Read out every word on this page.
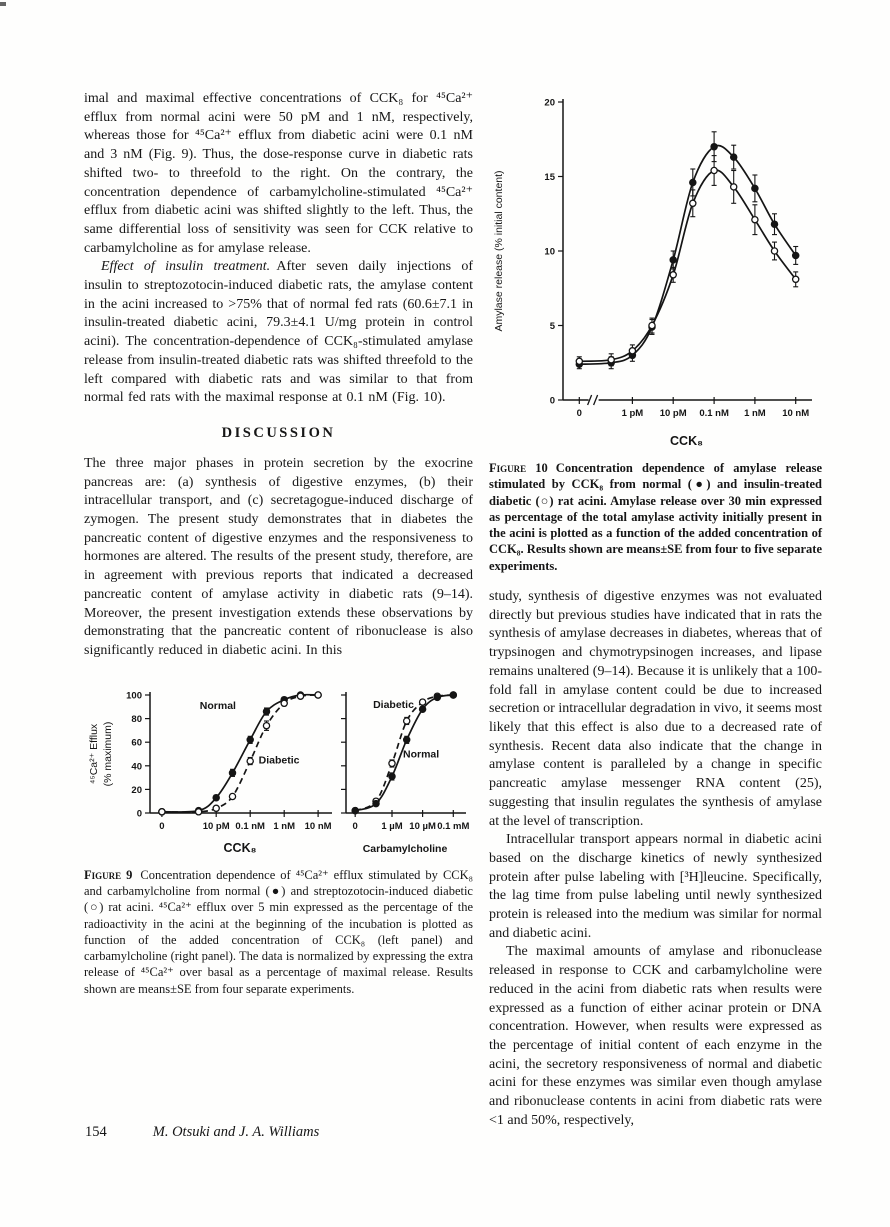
imal and maximal effective concentrations of CCK₈ for ⁴⁵Ca²⁺ efflux from normal acini were 50 pM and 1 nM, respectively, whereas those for ⁴⁵Ca²⁺ efflux from diabetic acini were 0.1 nM and 3 nM (Fig. 9). Thus, the dose-response curve in diabetic rats shifted two- to threefold to the right. On the contrary, the concentration dependence of carbamylcholine-stimulated ⁴⁵Ca²⁺ efflux from diabetic acini was shifted slightly to the left. Thus, the same differential loss of sensitivity was seen for CCK relative to carbamylcholine as for amylase release.

Effect of insulin treatment. After seven daily injections of insulin to streptozotocin-induced diabetic rats, the amylase content in the acini increased to >75% that of normal fed rats (60.6±7.1 in insulin-treated diabetic acini, 79.3±4.1 U/mg protein in control acini). The concentration-dependence of CCK₈-stimulated amylase release from insulin-treated diabetic rats was shifted threefold to the left compared with diabetic rats and was similar to that from normal fed rats with the maximal response at 0.1 nM (Fig. 10).

DISCUSSION

The three major phases in protein secretion by the exocrine pancreas are: (a) synthesis of digestive enzymes, (b) their intracellular transport, and (c) secretagogue-induced discharge of zymogen. The present study demonstrates that in diabetes the pancreatic content of digestive enzymes and the responsiveness to hormones are altered. The results of the present study, therefore, are in agreement with previous reports that indicated a decreased pancreatic content of amylase activity in diabetic rats (9–14). Moreover, the present investigation extends these observations by demonstrating that the pancreatic content of ribonuclease is also significantly reduced in diabetic acini. In this

0	10 pM 0.1 nM 1 nM 10 nM
0
20
40
60
80
100
CCK₈
⁴⁵Ca²⁺ Efflux (% maximum)
Normal
Diabetic
0 1 µM 10 µM 0.1 mM
Carbamylcholine
Diabetic
Normal

Figure 9 Concentration dependence of ⁴⁵Ca²⁺ efflux stimulated by CCK₈ and carbamylcholine from normal (●) and streptozotocin-induced diabetic (○) rat acini. ⁴⁵Ca²⁺ efflux over 5 min expressed as the percentage of the radioactivity in the acini at the beginning of the incubation is plotted as function of the added concentration of CCK₈ (left panel) and carbamylcholine (right panel). The data is normalized by expressing the extra release of ⁴⁵Ca²⁺ over basal as a percentage of maximal release. Results shown are means±SE from four separate experiments.

0	1 pM 10 pM 0.1 nM 1 nM 10 nM
0
5
10
15
20
CCK₈
Amylase release (% initial content)

Figure 10 Concentration dependence of amylase release stimulated by CCK₈ from normal (●) and insulin-treated diabetic (○) rat acini. Amylase release over 30 min expressed as percentage of the total amylase activity initially present in the acini is plotted as a function of the added concentration of CCK₈. Results shown are means±SE from four to five separate experiments.

study, synthesis of digestive enzymes was not evaluated directly but previous studies have indicated that in rats the synthesis of amylase decreases in diabetes, whereas that of trypsinogen and chymotrypsinogen increases, and lipase remains unaltered (9–14). Because it is unlikely that a 100-fold fall in amylase content could be due to increased secretion or intracellular degradation in vivo, it seems most likely that this effect is also due to a decreased rate of synthesis. Recent data also indicate that the change in amylase content is paralleled by a change in specific pancreatic amylase messenger RNA content (25), suggesting that insulin regulates the synthesis of amylase at the level of transcription.

Intracellular transport appears normal in diabetic acini based on the discharge kinetics of newly synthesized protein after pulse labeling with [³H]leucine. Specifically, the lag time from pulse labeling until newly synthesized protein is released into the medium was similar for normal and diabetic acini.

The maximal amounts of amylase and ribonuclease released in response to CCK and carbamylcholine were reduced in the acini from diabetic rats when results were expressed as a function of either acinar protein or DNA concentration. However, when results were expressed as the percentage of initial content of each enzyme in the acini, the secretory responsiveness of normal and diabetic acini for these enzymes was similar even though amylase and ribonuclease contents in acini from diabetic rats were <1 and 50%, respectively,

154	M. Otsuki and J. A. Williams
